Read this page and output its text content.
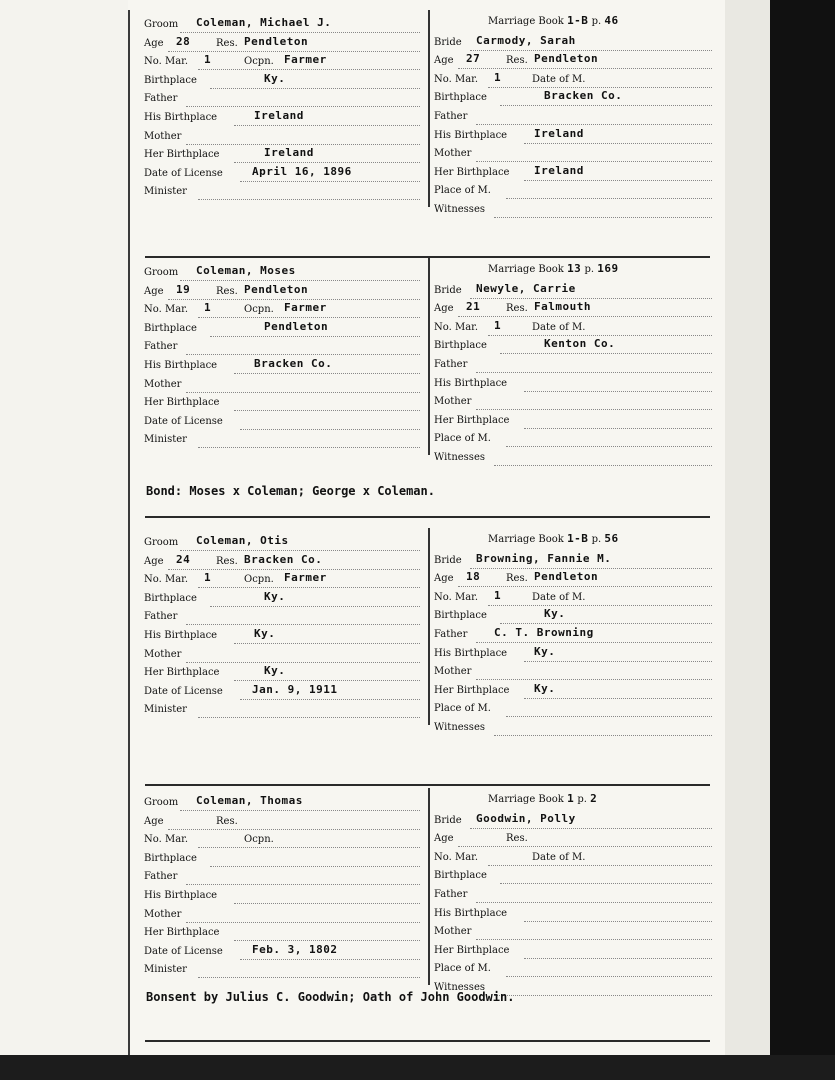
Groom Coleman, Michael J.
Age 28	Res. Pendleton
No. Mar. 1	Ocpn. Farmer
Birthplace	Ky.
Father
His Birthplace	Ireland
Mother
Her Birthplace	Ireland
Date of License	April 16, 1896
Minister
Marriage Book 1-B p. 46
Bride Carmody, Sarah
Age 27	Res. Pendleton
No. Mar. 1	Date of M.
Birthplace	Bracken Co.
Father
His Birthplace Ireland
Mother
Her Birthplace Ireland
Place of M.
Witnesses
Groom Coleman, Moses
Age 19	Res. Pendleton
No. Mar. 1	Ocpn. Farmer
Birthplace	Pendleton
Father
His Birthplace	Bracken Co.
Mother
Her Birthplace
Date of License
Minister
Marriage Book 13 p. 169
Bride Newyle, Carrie
Age 21	Res. Falmouth
No. Mar. 1	Date of M.
Birthplace	Kenton Co.
Father
His Birthplace
Mother
Her Birthplace
Place of M.
Witnesses
Bond: Moses x Coleman; George x Coleman.
Groom Coleman, Otis
Age 24	Res. Bracken Co.
No. Mar. 1	Ocpn. Farmer
Birthplace	Ky.
Father
His Birthplace	Ky.
Mother
Her Birthplace	Ky.
Date of License	Jan. 9, 1911
Minister
Marriage Book 1-B p. 56
Bride Browning, Fannie M.
Age 18	Res. Pendleton
No. Mar. 1	Date of M.
Birthplace	Ky.
Father C. T. Browning
His Birthplace Ky.
Mother
Her Birthplace Ky.
Place of M.
Witnesses
Groom Coleman, Thomas
Age	Res.
No. Mar.	Ocpn.
Birthplace
Father
His Birthplace
Mother
Her Birthplace
Date of License	Feb. 3, 1802
Minister
Marriage Book 1 p. 2
Bride Goodwin, Polly
Age	Res.
No. Mar.	Date of M.
Birthplace
Father
His Birthplace
Mother
Her Birthplace
Place of M.
Witnesses
Bonsent by Julius C. Goodwin; Oath of John Goodwin.
